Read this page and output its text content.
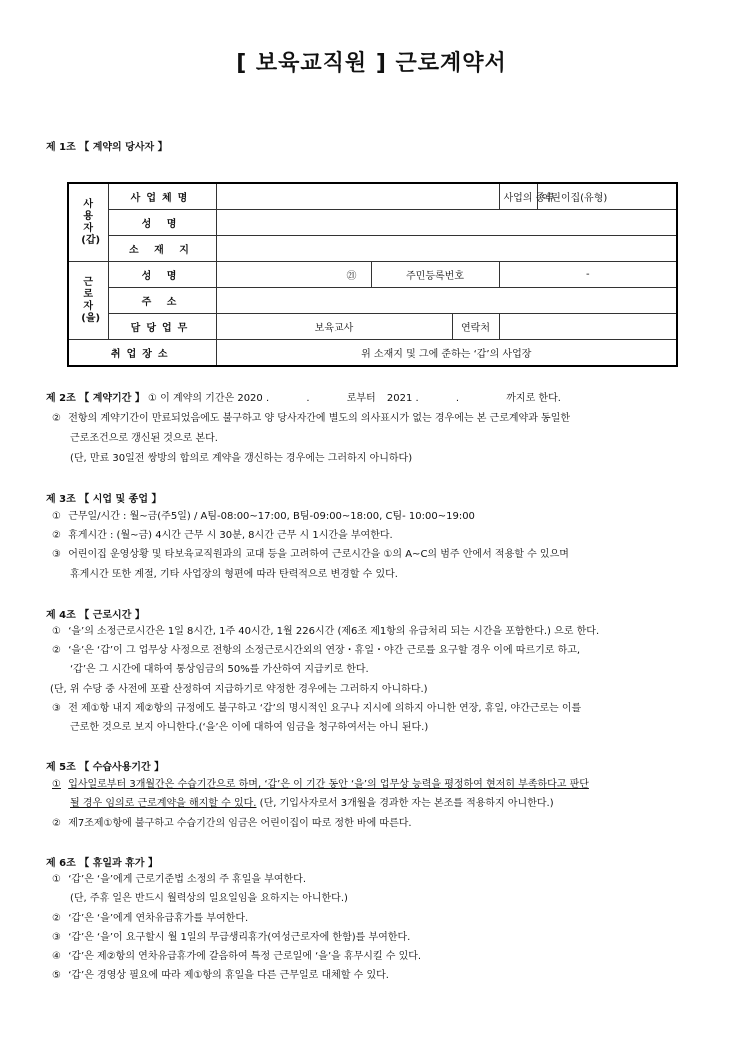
[ 보육교직원 ] 근로계약서
제 1조 【 계약의 당사자 】
사용자(갑)	사업체명				사업의 종류	어린이집(유형)
	성 명					
	소 재 지					

근로자(을)	성 명	㉑	주민등록번호		-	
	주 소					
	담당업무	보육교사		연락처		
취업장소		위 소재지 및 그에 준하는 ‘갑’의 사업장				
제 2조 【 계약기간 】 ① 이 계약의 기간은 2020 .	.	로부터 2021 .	.	까지로 한다.
② 전항의 계약기간이 만료되었음에도 불구하고 양 당사자간에 별도의 의사표시가 없는 경우에는 본 근로계약과 동일한
근로조건으로 갱신된 것으로 본다.
(단, 만료 30일전 쌍방의 합의로 계약을 갱신하는 경우에는 그러하지 아니하다)
제 3조 【 시업 및 종업 】
① 근무일/시간 : 월~금(주5일) / A팀-08:00~17:00, B팀-09:00~18:00, C팀- 10:00~19:00
② 휴게시간 : (월~금) 4시간 근무 시 30분, 8시간 근무 시 1시간을 부여한다.
③ 어린이집 운영상황 및 타보육교직원과의 교대 등을 고려하여 근로시간을 ①의 A~C의 범주 안에서 적용할 수 있으며
휴게시간 또한 계절, 기타 사업장의 형편에 따라 탄력적으로 변경할 수 있다.
제 4조 【 근로시간 】
① ‘을’의 소정근로시간은 1일 8시간, 1주 40시간, 1월 226시간 (제6조 제1항의 유급처리 되는 시간을 포함한다.) 으로 한다.
② ‘을’은 ‘갑’이 그 업무상 사정으로 전항의 소정근로시간외의 연장・휴일・야간 근로를 요구할 경우 이에 따르기로 하고,
‘갑’은 그 시간에 대하여 통상임금의 50%를 가산하여 지급키로 한다.
(단, 위 수당 중 사전에 포괄 산정하여 지급하기로 약정한 경우에는 그러하지 아니하다.)
③ 전 제①항 내지 제②항의 규정에도 불구하고 ‘갑’의 명시적인 요구나 지시에 의하지 아니한 연장, 휴일, 야간근로는 이를
근로한 것으로 보지 아니한다.(‘을’은 이에 대하여 임금을 청구하여서는 아니 된다.)
제 5조 【 수습사용기간 】
① 입사일로부터 3개월간은 수습기간으로 하며, ‘갑’은 이 기간 동안 ‘을’의 업무상 능력을 평정하여 현저히 부족하다고 판단
될 경우 임의로 근로계약을 해지할 수 있다. (단, 기입사자로서 3개월을 경과한 자는 본조를 적용하지 아니한다.)
② 제7조제①항에 불구하고 수습기간의 임금은 어린이집이 따로 정한 바에 따른다.
제 6조 【 휴일과 휴가 】
① ‘갑’은 ‘을’에게 근로기준법 소정의 주 휴일을 부여한다.
(단, 주휴 일은 반드시 월력상의 일요일임을 요하지는 아니한다.)
② ‘갑’은 ‘을’에게 연차유급휴가를 부여한다.
③ ‘갑’은 ‘을’이 요구할시 월 1일의 무급생리휴가(여성근로자에 한함)를 부여한다.
④ ‘갑’은 제②항의 연차유급휴가에 갈음하여 특정 근로일에 ‘을’을 휴무시킬 수 있다.
⑤ ‘갑’은 경영상 필요에 따라 제①항의 휴일을 다른 근무일로 대체할 수 있다.
